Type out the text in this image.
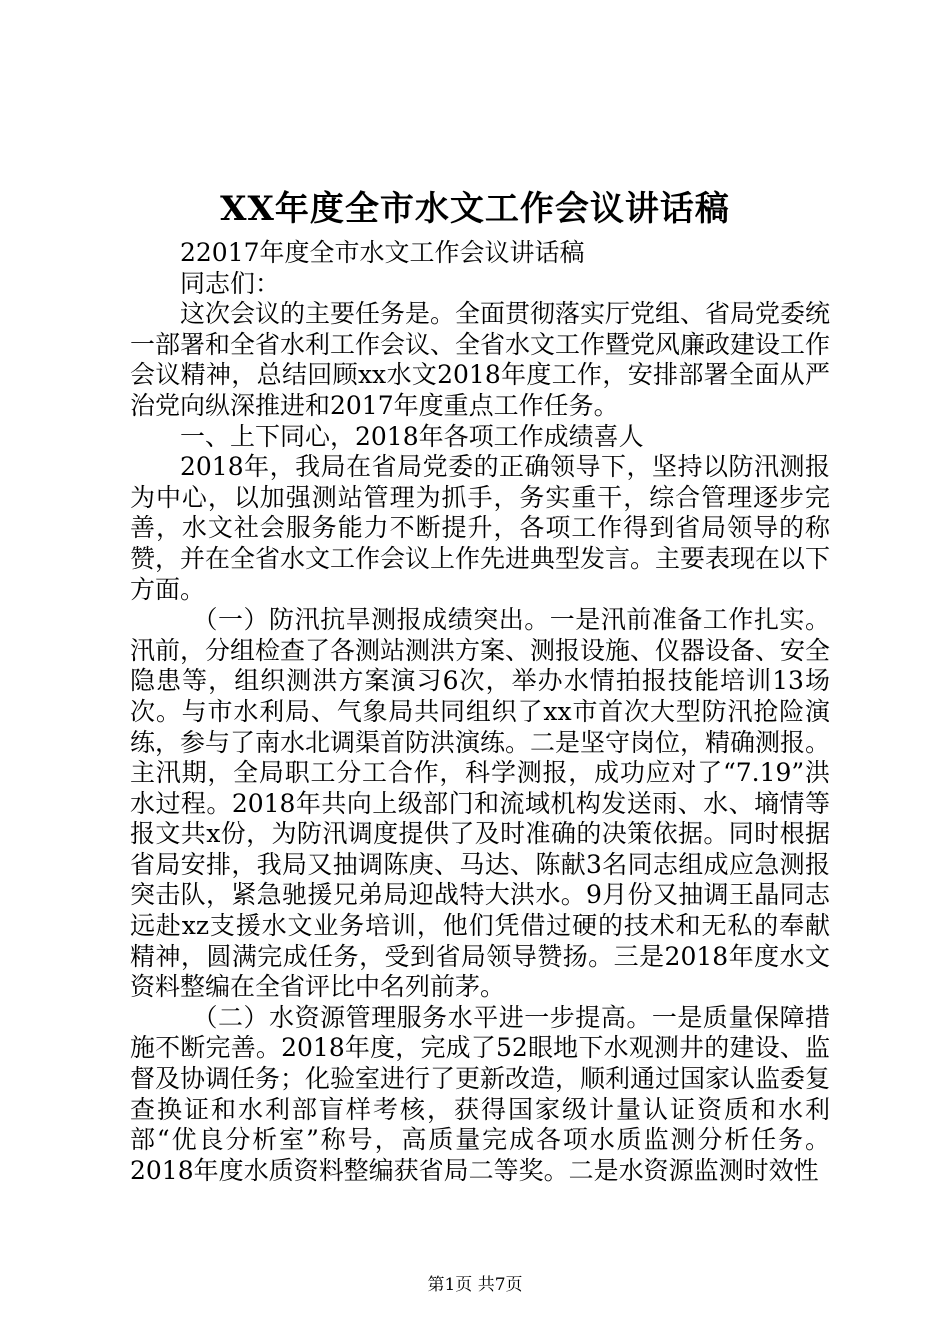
XX年度全市水文工作会议讲话稿

22017年度全市水文工作会议讲话稿

同志们：

这次会议的主要任务是。全面贯彻落实厅党组、省局党委统一部署和全省水利工作会议、全省水文工作暨党风廉政建设工作会议精神，总结回顾xx水文2018年度工作，安排部署全面从严治党向纵深推进和2017年度重点工作任务。

一、上下同心，2018年各项工作成绩喜人

2018年，我局在省局党委的正确领导下，坚持以防汛测报为中心，以加强测站管理为抓手，务实重干，综合管理逐步完善，水文社会服务能力不断提升，各项工作得到省局领导的称赞，并在全省水文工作会议上作先进典型发言。主要表现在以下方面。

（一）防汛抗旱测报成绩突出。一是汛前准备工作扎实。汛前，分组检查了各测站测洪方案、测报设施、仪器设备、安全隐患等，组织测洪方案演习6次，举办水情拍报技能培训13场次。与市水利局、气象局共同组织了xx市首次大型防汛抢险演练，参与了南水北调渠首防洪演练。二是坚守岗位，精确测报。主汛期，全局职工分工合作，科学测报，成功应对了“7.19”洪水过程。2018年共向上级部门和流域机构发送雨、水、墒情等报文共x份，为防汛调度提供了及时准确的决策依据。同时根据省局安排，我局又抽调陈庚、马达、陈献3名同志组成应急测报突击队，紧急驰援兄弟局迎战特大洪水。9月份又抽调王晶同志远赴xz支援水文业务培训，他们凭借过硬的技术和无私的奉献精神，圆满完成任务，受到省局领导赞扬。三是2018年度水文资料整编在全省评比中名列前茅。

（二）水资源管理服务水平进一步提高。一是质量保障措施不断完善。2018年度，完成了52眼地下水观测井的建设、监督及协调任务；化验室进行了更新改造，顺利通过国家认监委复查换证和水利部盲样考核，获得国家级计量认证资质和水利部“优良分析室”称号，高质量完成各项水质监测分析任务。2018年度水质资料整编获省局二等奖。二是水资源监测时效性

第1页 共7页
